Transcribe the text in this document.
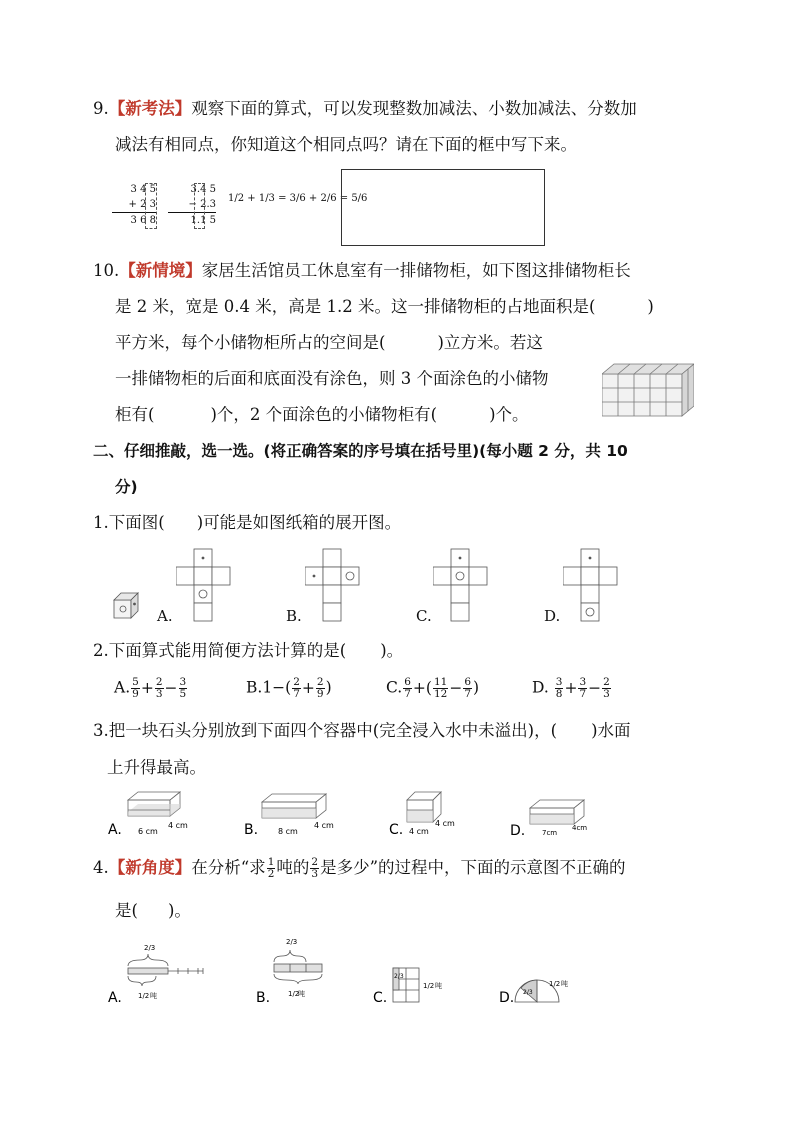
9.【新考法】观察下面的算式，可以发现整数加减法、小数加减法、分数加
减法有相同点，你知道这个相同点吗？请在下面的框中写下来。
3 4 5
+ 2 3
3 6 8
3.4 5
− 2.3
1.1 5
1/2 + 1/3 = 3/6 + 2/6 = 5/6
10.【新情境】家居生活馆员工休息室有一排储物柜，如下图这排储物柜长
是 2 米，宽是 0.4 米，高是 1.2 米。这一排储物柜的占地面积是(	)
平方米，每个小储物柜所占的空间是(	)立方米。若这
一排储物柜的后面和底面没有涂色，则 3 个面涂色的小储物
柜有(	)个，2 个面涂色的小储物柜有(	)个。
二、仔细推敲，选一选。(将正确答案的序号填在括号里)(每小题 2 分，共 10
分)
1.下面图( )可能是如图纸箱的展开图。
A.	B.	C.	D.
2.下面算式能用简便方法计算的是( )。
A. $\frac{5}{9} + \frac{2}{3} - \frac{3}{5}$	$B.1-( \frac{2}{7} + \frac{2}{9}$ )	C. $\frac{6}{7}$ +( $\frac{11}{12} - \frac{6}{7}$ )	D. $\frac{3}{8} + \frac{3}{7} - \frac{2}{3}$
3.把一块石头分别放到下面四个容器中(完全浸入水中未溢出)，( )水面
上升得最高。
6 cm
4 cm
A.	8 cm
4 cm
B.	4 cm
4 cm
C.	7cm
4cm
D.
4.【新角度】在分析“求 $\frac{1}{2}$ 吨的 $\frac{2}{3}$ 是多少”的过程中，下面的示意图不正确的
是( )。
2/3
1/2 吨
A.
2/3
1/2
吨
B.
2/3
1/2 吨
C.	2/3
1/2 吨
D.
